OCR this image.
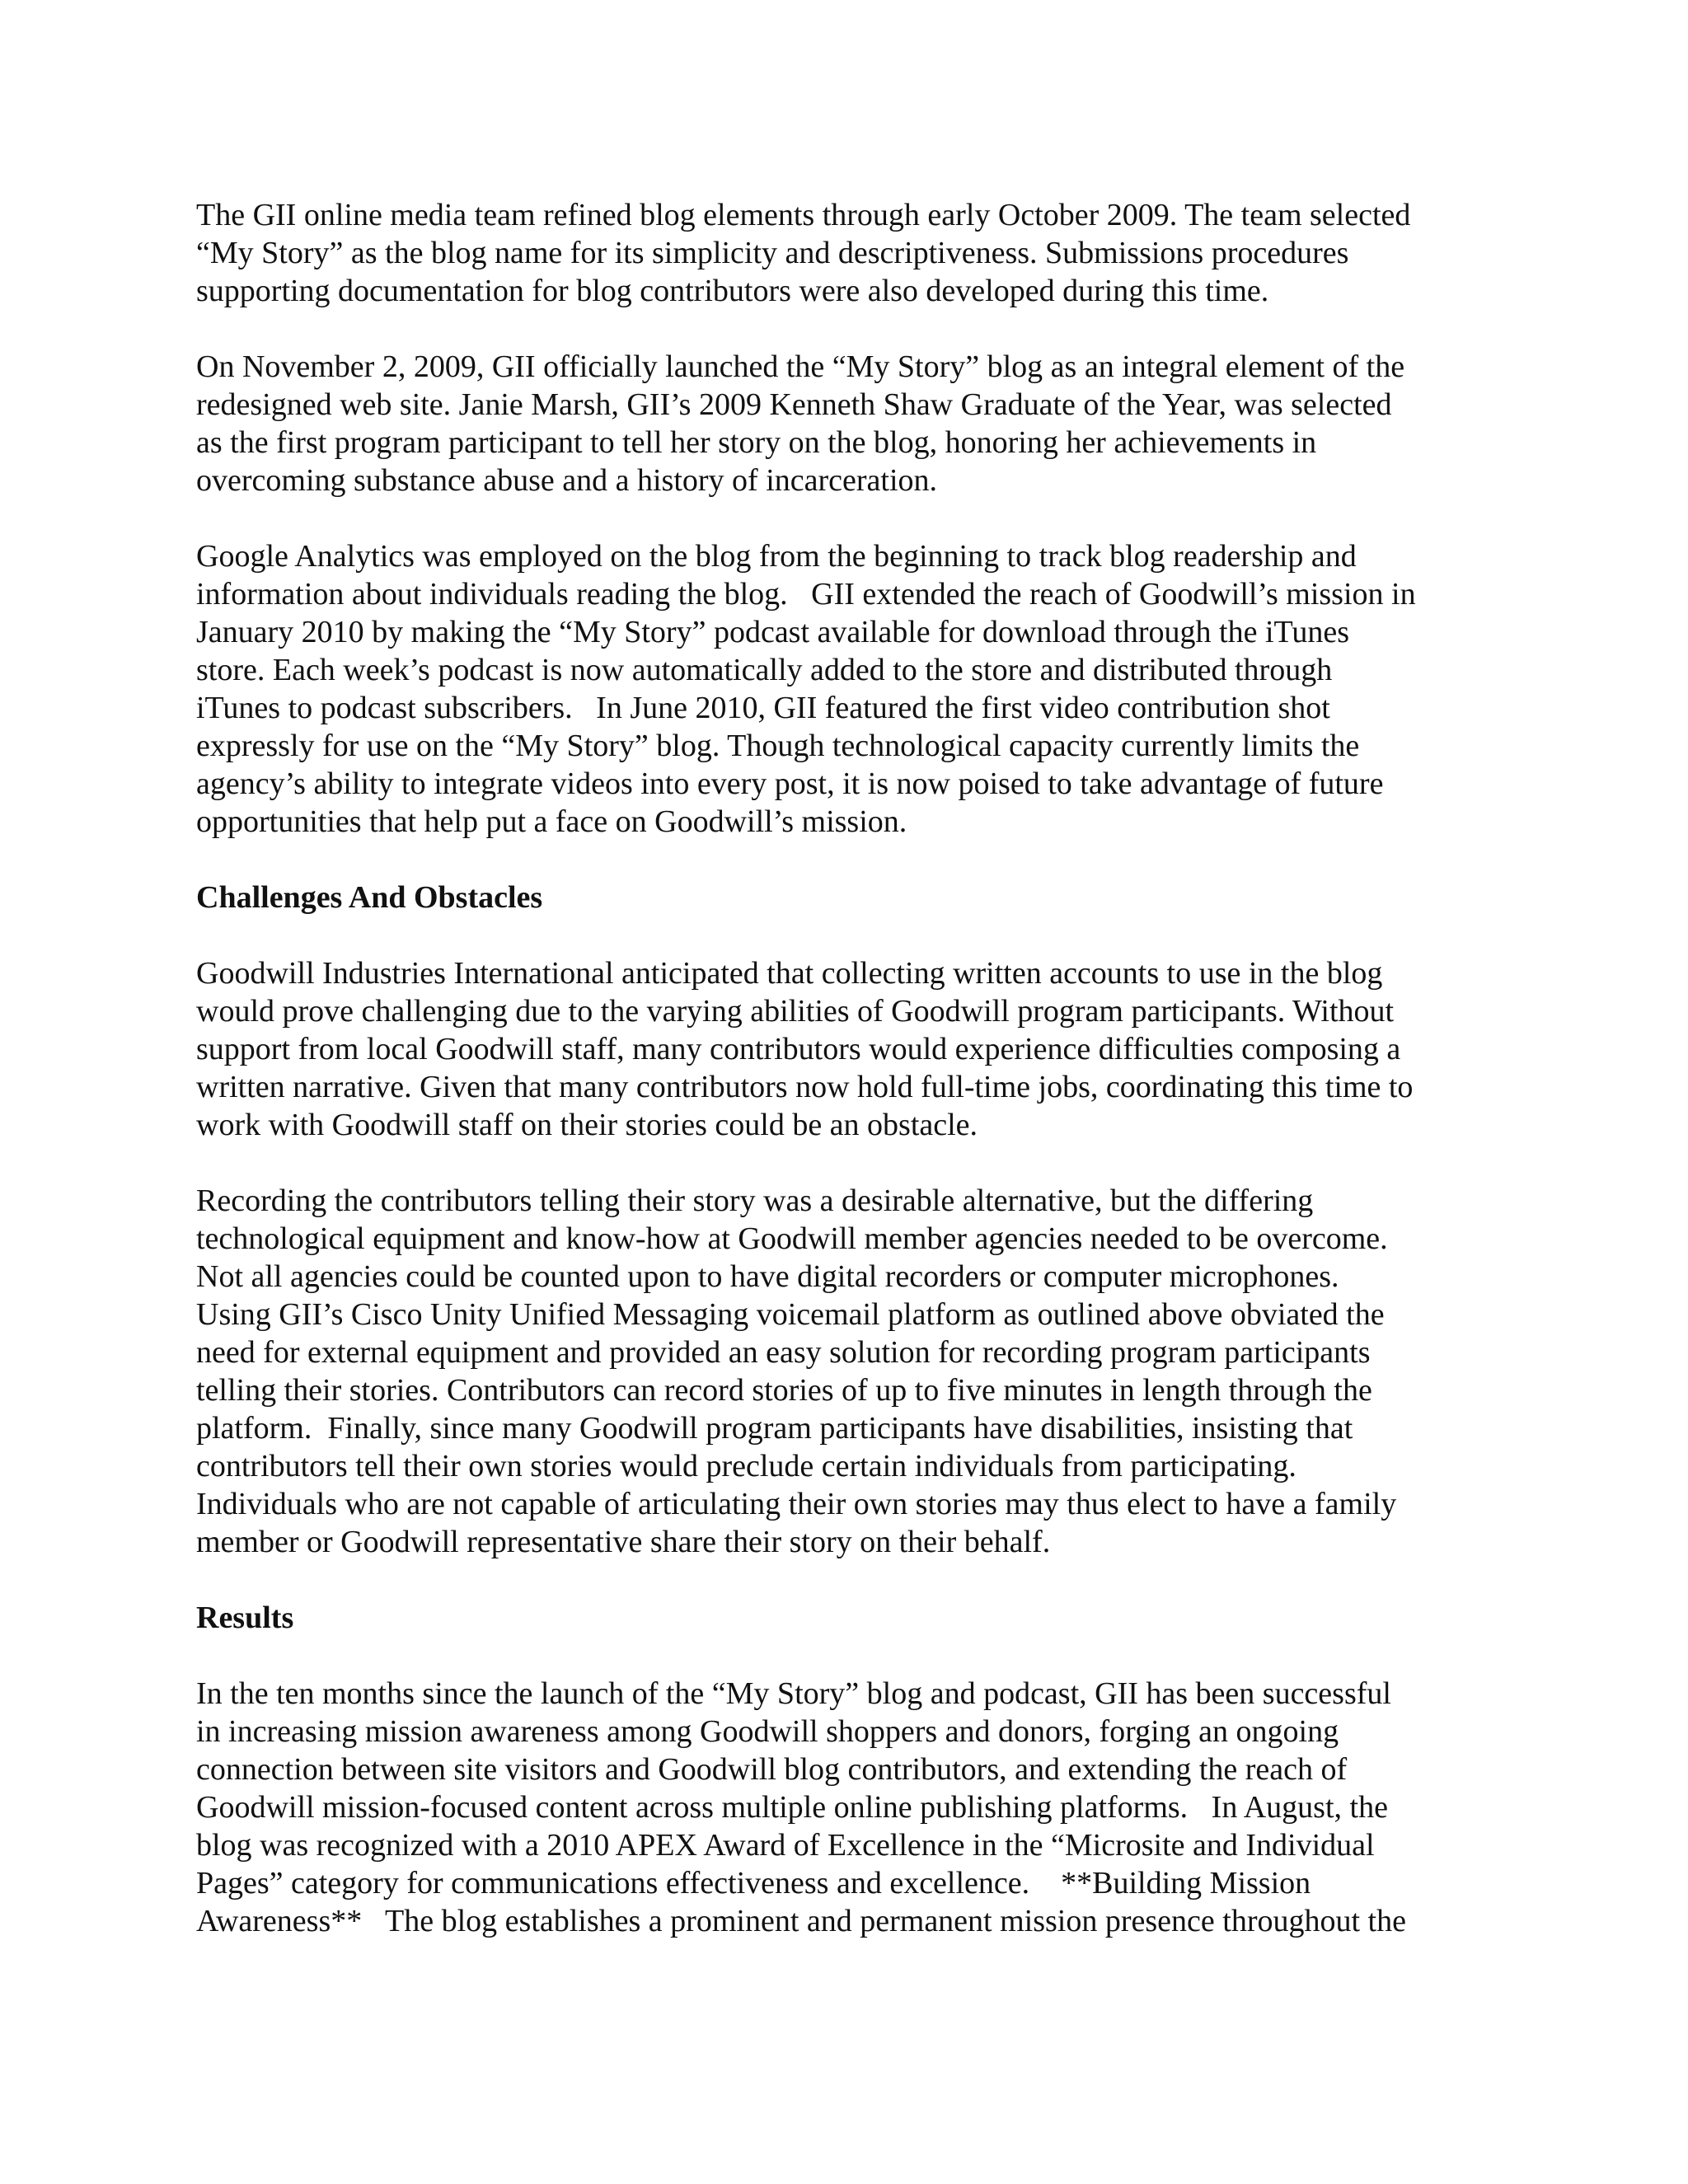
The GII online media team refined blog elements through early October 2009. The team selected
“My Story” as the blog name for its simplicity and descriptiveness. Submissions procedures
supporting documentation for blog contributors were also developed during this time.
On November 2, 2009, GII officially launched the “My Story” blog as an integral element of the
redesigned web site. Janie Marsh, GII’s 2009 Kenneth Shaw Graduate of the Year, was selected
as the first program participant to tell her story on the blog, honoring her achievements in
overcoming substance abuse and a history of incarceration.
Google Analytics was employed on the blog from the beginning to track blog readership and
information about individuals reading the blog.   GII extended the reach of Goodwill’s mission in
January 2010 by making the “My Story” podcast available for download through the iTunes
store. Each week’s podcast is now automatically added to the store and distributed through
iTunes to podcast subscribers.   In June 2010, GII featured the first video contribution shot
expressly for use on the “My Story” blog. Though technological capacity currently limits the
agency’s ability to integrate videos into every post, it is now poised to take advantage of future
opportunities that help put a face on Goodwill’s mission.
Challenges And Obstacles
Goodwill Industries International anticipated that collecting written accounts to use in the blog
would prove challenging due to the varying abilities of Goodwill program participants. Without
support from local Goodwill staff, many contributors would experience difficulties composing a
written narrative. Given that many contributors now hold full-time jobs, coordinating this time to
work with Goodwill staff on their stories could be an obstacle.
Recording the contributors telling their story was a desirable alternative, but the differing
technological equipment and know-how at Goodwill member agencies needed to be overcome.
Not all agencies could be counted upon to have digital recorders or computer microphones.
Using GII’s Cisco Unity Unified Messaging voicemail platform as outlined above obviated the
need for external equipment and provided an easy solution for recording program participants
telling their stories. Contributors can record stories of up to five minutes in length through the
platform.  Finally, since many Goodwill program participants have disabilities, insisting that
contributors tell their own stories would preclude certain individuals from participating.
Individuals who are not capable of articulating their own stories may thus elect to have a family
member or Goodwill representative share their story on their behalf.
Results
In the ten months since the launch of the “My Story” blog and podcast, GII has been successful
in increasing mission awareness among Goodwill shoppers and donors, forging an ongoing
connection between site visitors and Goodwill blog contributors, and extending the reach of
Goodwill mission-focused content across multiple online publishing platforms.   In August, the
blog was recognized with a 2010 APEX Award of Excellence in the “Microsite and Individual
Pages” category for communications effectiveness and excellence.    **Building Mission
Awareness**   The blog establishes a prominent and permanent mission presence throughout the
